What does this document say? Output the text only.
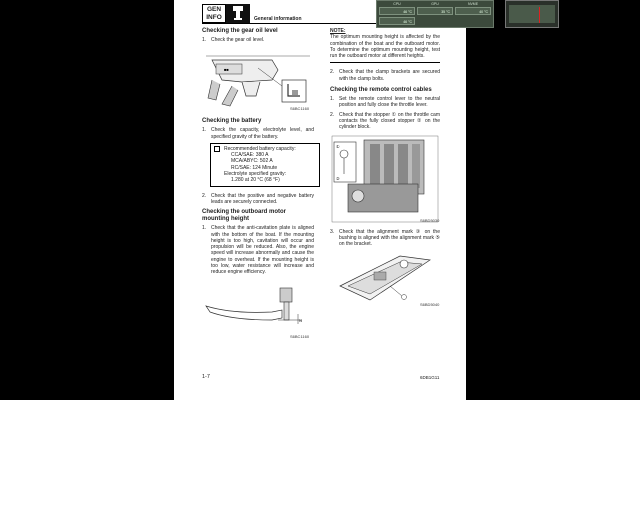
GEN
INFO	General information
Checking the gear oil level
1. Check the gear oil level.
■■
S6BC1160
Checking the battery
1. Check the capacity, electrolyte level, and specified gravity of the battery.
Recommended battery capacity:
CCA/SAE: 380 A
MCA/ABYC: 502 A
RC/SAE: 124 Minute
Electrolyte specified gravity:
1.280 at 20 °C (68 °F)
2. Check that the positive and negative battery leads are securely connected.
Checking the outboard motor mounting height
1. Check that the anti-cavitation plate is aligned with the bottom of the boat. If the mounting height is too high, cavitation will occur and propulsion will be reduced. Also, the engine speed will increase abnormally and cause the engine to overheat. If the mounting height is too low, water resistance will increase and reduce engine efficiency.
N
S6BC1160
NOTE:

The optimum mounting height is affected by the combination of the boat and the outboard motor. To determine the optimum mounting height, test run the outboard motor at different heights.

2. Check that the clamp brackets are secured with the clamp bolts.
Checking the remote control cables
1. Set the remote control lever to the neutral position and fully close the throttle lever.
2. Check that the stopper ① on the throttle cam contacts the fully closed stopper ② on the cylinder block.
①
②
S6BD5030
3. Check that the alignment mark ③ on the bushing is aligned with the alignment mark ⑤ on the bracket.
S6BD5040
1-7	6DB1G11
CPU	GPU	NVME
46 °C	35 °C	40 °C
46 °C
